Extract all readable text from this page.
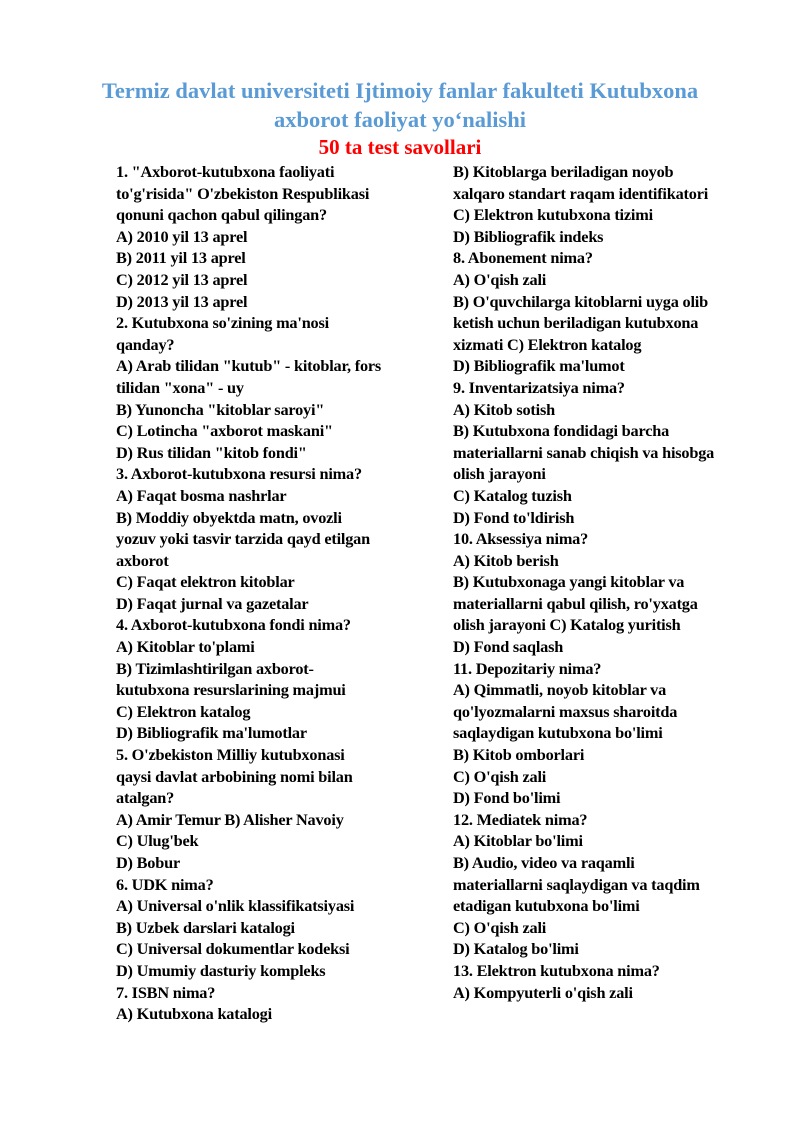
Termiz davlat universiteti Ijtimoiy fanlar fakulteti Kutubxona
axborot faoliyat yo‘nalishi
50 ta test savollari
1. "Axborot-kutubxona faoliyati
to'g'risida" O'zbekiston Respublikasi
qonuni qachon qabul qilingan?
A) 2010 yil 13 aprel
B) 2011 yil 13 aprel
C) 2012 yil 13 aprel
D) 2013 yil 13 aprel
2. Kutubxona so'zining ma'nosi
qanday?
A) Arab tilidan "kutub" - kitoblar, fors
tilidan "xona" - uy
B) Yunoncha "kitoblar saroyi"
C) Lotincha "axborot maskani"
D) Rus tilidan "kitob fondi"
3. Axborot-kutubxona resursi nima?
A) Faqat bosma nashrlar
B) Moddiy obyektda matn, ovozli
yozuv yoki tasvir tarzida qayd etilgan
axborot
C) Faqat elektron kitoblar
D) Faqat jurnal va gazetalar
4. Axborot-kutubxona fondi nima?
A) Kitoblar to'plami
B) Tizimlashtirilgan axborot-
kutubxona resurslarining majmui
C) Elektron katalog
D) Bibliografik ma'lumotlar
5. O'zbekiston Milliy kutubxonasi
qaysi davlat arbobining nomi bilan
atalgan?
A) Amir Temur B) Alisher Navoiy
C) Ulug'bek
D) Bobur
6. UDK nima?
A) Universal o'nlik klassifikatsiyasi
B) Uzbek darslari katalogi
C) Universal dokumentlar kodeksi
D) Umumiy dasturiy kompleks
7. ISBN nima?
A) Kutubxona katalogi
B) Kitoblarga beriladigan noyob
xalqaro standart raqam identifikatori
C) Elektron kutubxona tizimi
D) Bibliografik indeks
8. Abonement nima?
A) O'qish zali
B) O'quvchilarga kitoblarni uyga olib
ketish uchun beriladigan kutubxona
xizmati C) Elektron katalog
D) Bibliografik ma'lumot
9. Inventarizatsiya nima?
A) Kitob sotish
B) Kutubxona fondidagi barcha
materiallarni sanab chiqish va hisobga
olish jarayoni
C) Katalog tuzish
D) Fond to'ldirish
10. Aksessiya nima?
A) Kitob berish
B) Kutubxonaga yangi kitoblar va
materiallarni qabul qilish, ro'yxatga
olish jarayoni C) Katalog yuritish
D) Fond saqlash
11. Depozitariy nima?
A) Qimmatli, noyob kitoblar va
qo'lyozmalarni maxsus sharoitda
saqlaydigan kutubxona bo'limi
B) Kitob omborlari
C) O'qish zali
D) Fond bo'limi
12. Mediatek nima?
A) Kitoblar bo'limi
B) Audio, video va raqamli
materiallarni saqlaydigan va taqdim
etadigan kutubxona bo'limi
C) O'qish zali
D) Katalog bo'limi
13. Elektron kutubxona nima?
A) Kompyuterli o'qish zali
